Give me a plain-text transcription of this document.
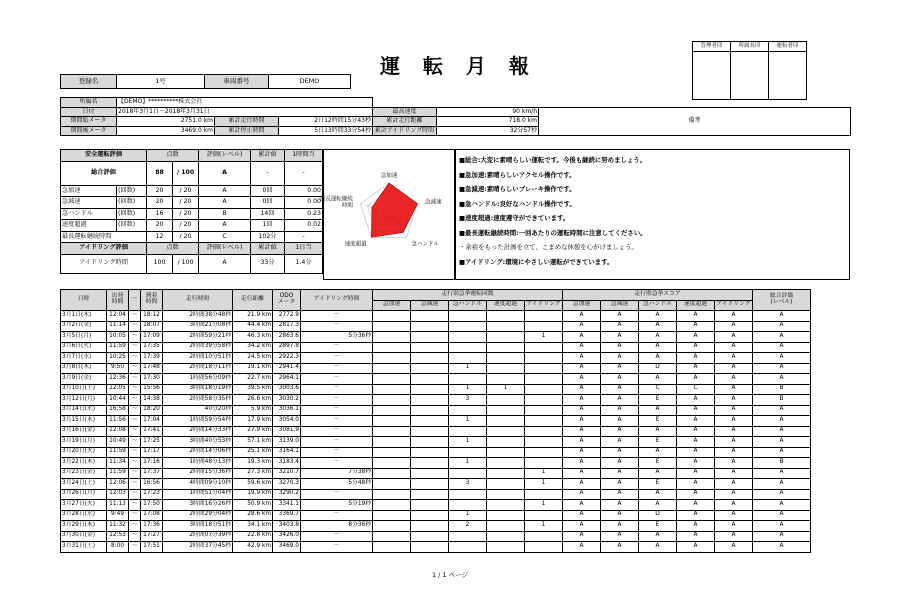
運 転 月 報
管理者印	所属長印	運転者印

登録名	1号	車両番号	DEMO
所属名	【DEMO】**********株式会社					
日付	2018年3月1日～2018年3月31日			最高速度	90 km/h	備考
期間始メータ	2751.0 km	累計走行時間	2日12時間15分43秒	累計走行距離	718.0 km	
期間後メータ	3469.0 km	累計停止時間	5日13時間33分54秒	累計アイドリング時間	32分57秒	
安全運転評価		点数		評価(レベル)	累計値	1時間当
総合評価		88	/ 100	A	-	-
急加速	(回数)	20	/ 20	A	0回	0.00
急減速	(回数)	20	/ 20	A	0回	0.00
急ハンドル	(回数)	16	/ 20	B	14回	0.23
速度超過	(回数)	20	/ 20	A	1回	0.02
最長運転継続時間		12	/ 20	C	102分	-
アイドリング評価		点数		評価(レベル)	累計値	1日当
アイドリング時間		100	/ 100	A	33分	1.4分
急加速
急減速
急ハンドル
速度超過
最長運転継続時間
■総合:大変に素晴らしい運転です。今後も継続に努めましょう。
■急加速:素晴らしいアクセル操作です。
■急減速:素晴らしいブレーキ操作です。
■急ハンドル:良好なハンドル操作です。
■速度超過:速度遵守ができています。
■最長運転継続時間:一回あたりの運転時間に注意してください。
・余裕をもった計画を立て、こまめな休憩を心がけましょう。
■アイドリング:環境にやさしい運転ができています。
日時	出発
時間	～	到着
時間	走行時間	走行距離	ODO
メータ	アイドリング時間	走行別急挙運転回数					走行別急挙スコア					総合評価
(レベル)
								急加速	急減速	急ハンドル	速度超過	アイドリング	急加速	急減速	急ハンドル	速度超過	アイドリング	
3月1日(木)	12:04	～	18:12	2時間38分48秒	21.9 km	2772.9	－						A	A	A	A	A	A
3月2日(金)	11:14	～	18:07	3時間21分08秒	44.4 km	2817.3	－						A	A	A	A	A	A
3月5日(月)	10:05	～	17:09	2時間59分21秒	46.3 km	2863.6	5分36秒					1	A	A	A	A	A	A
3月6日(火)	11:59	～	17:35	2時間39分58秒	34.2 km	2897.8	－						A	A	A	A	A	A
3月7日(水)	10:25	～	17:39	2時間10分51秒	24.5 km	2922.3	－						A	A	A	A	A	A
3月8日(木)	9:50	～	17:48	2時間18分11秒	19.1 km	2941.4	－			1			A	A	D	A	A	A
3月9日(金)	12:36	～	17:30	1時間56分09秒	22.7 km	2964.1	－						A	A	A	A	A	A
3月10日(土)	12:05	～	15:56	3時間18分19秒	39.5 km	3003.6	－			1	1		A	A	C	C	A	B
3月12日(月)	10:44	～	14:38	2時間58分35秒	26.6 km	3030.2	－			3			A	A	E	A	A	B
3月14日(水)	16:58	～	18:20	40分20秒	5.9 km	3036.1	－						A	A	A	A	A	A
3月15日(木)	11:56	～	17:04	1時間59分54秒	17.9 km	3054.0	－			1			A	A	E	A	A	A
3月16日(金)	12:08	～	17:41	2時間14分33秒	27.9 km	3081.9	－						A	A	A	A	A	A
3月19日(月)	10:49	～	17:25	3時間40分53秒	57.1 km	3139.0	－			1			A	A	E	A	A	A
3月20日(火)	11:59	～	17:17	2時間14分06秒	25.1 km	3164.1	－						A	A	A	A	A	A
3月22日(木)	11:34	～	17:16	1時間48分13秒	19.3 km	3183.4	－			1			A	A	E	A	A	B
3月23日(金)	11:59	～	17:37	2時間15分36秒	27.3 km	3210.7	7分38秒					1	A	A	A	A	A	A
3月24日(土)	12:06	～	16:56	4時間09分10秒	59.6 km	3270.3	5分48秒			3		1	A	A	E	A	A	A
3月26日(月)	12:03	～	17:23	1時間51分04秒	19.9 km	3290.2	－						A	A	A	A	A	A
3月27日(火)	11:13	～	17:50	3時間16分26秒	50.9 km	3341.1	5分19秒					1	A	A	A	A	A	A
3月28日(水)	9:49	～	17:08	2時間29分04秒	28.6 km	3369.7	－			1			A	A	D	A	A	A
3月29日(木)	11:32	～	17:36	3時間18分51秒	34.1 km	3403.8	8分36秒			2		1	A	A	E	A	A	A
3月30日(金)	12:53	～	17:27	2時間07分39秒	22.8 km	3426.0	－						A	A	A	A	A	A
3月31日(土)	8:00	～	17:51	2時間37分45秒	42.9 km	3469.0	－						A	A	A	A	A	A
1 / 1 ページ
